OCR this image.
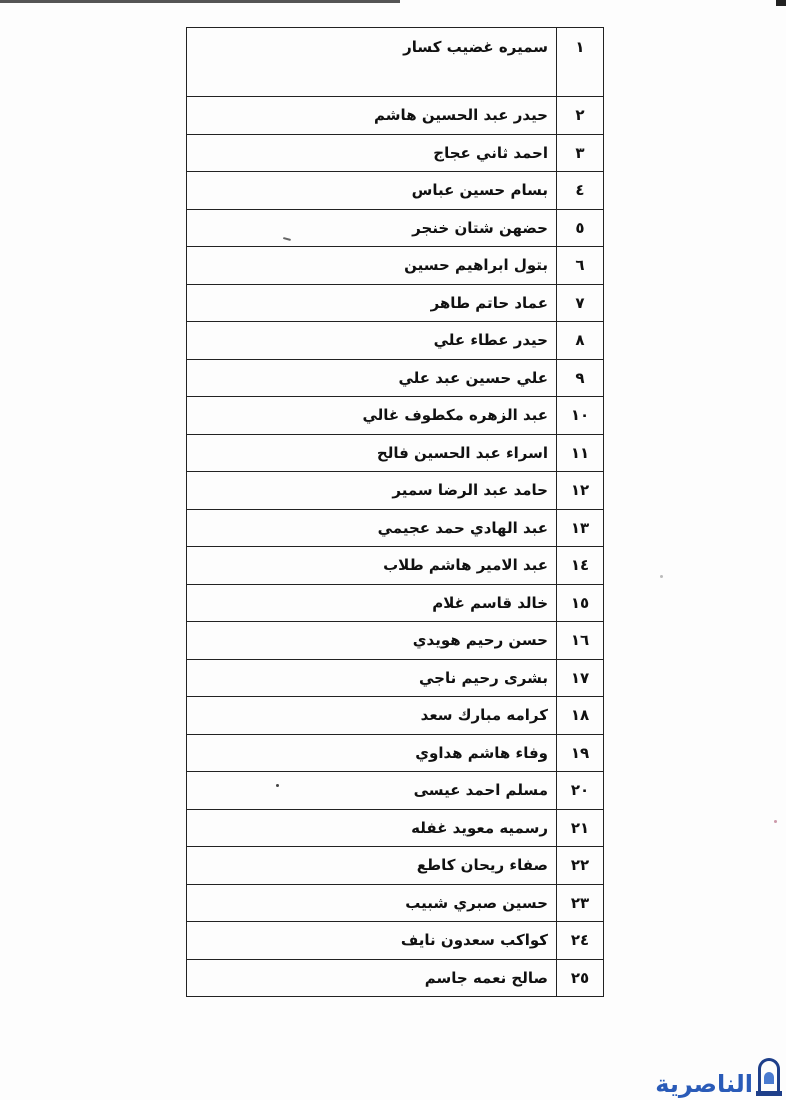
١	سميره غضيب كسار
٢	حيدر عبد الحسين هاشم
٣	احمد ثاني عجاج
٤	بسام حسين عباس
٥	حضهن شتان خنجر
٦	بتول ابراهيم حسين
٧	عماد حاتم طاهر
٨	حيدر عطاء علي
٩	علي حسين عبد علي
١٠	عبد الزهره مكطوف غالي
١١	اسراء عبد الحسين فالح
١٢	حامد عبد الرضا سمير
١٣	عبد الهادي حمد عجيمي
١٤	عبد الامير هاشم طلاب
١٥	خالد قاسم غلام
١٦	حسن رحيم هويدي
١٧	بشرى رحيم ناجي
١٨	كرامه مبارك سعد
١٩	وفاء هاشم هداوي
٢٠	مسلم احمد عيسى
٢١	رسميه معويد غفله
٢٢	صفاء ريحان كاطع
٢٣	حسين صبري شبيب
٢٤	كواكب سعدون نايف
٢٥	صالح نعمه جاسم
الناصرية
